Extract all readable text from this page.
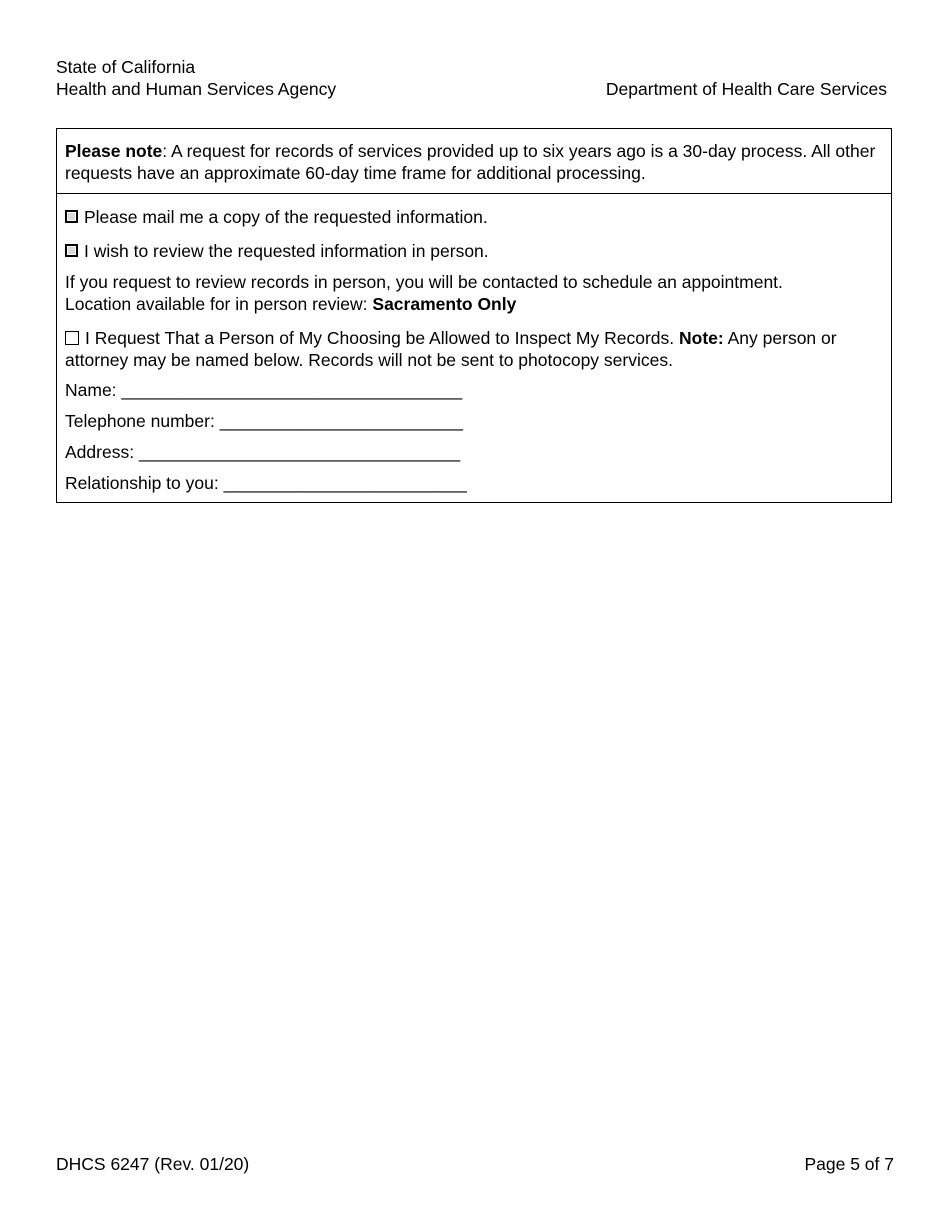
State of California
Health and Human Services Agency	Department of Health Care Services
Please note: A request for records of services provided up to six years ago is a 30-day process. All other requests have an approximate 60-day time frame for additional processing.
Please mail me a copy of the requested information.
I wish to review the requested information in person.
If you request to review records in person, you will be contacted to schedule an appointment.
Location available for in person review: Sacramento Only
I Request That a Person of My Choosing be Allowed to Inspect My Records. Note: Any person or attorney may be named below. Records will not be sent to photocopy services.
Name: ___________________________________
Telephone number: _________________________
Address: _________________________________
Relationship to you: _________________________
DHCS 6247 (Rev. 01/20)	Page 5 of 7
